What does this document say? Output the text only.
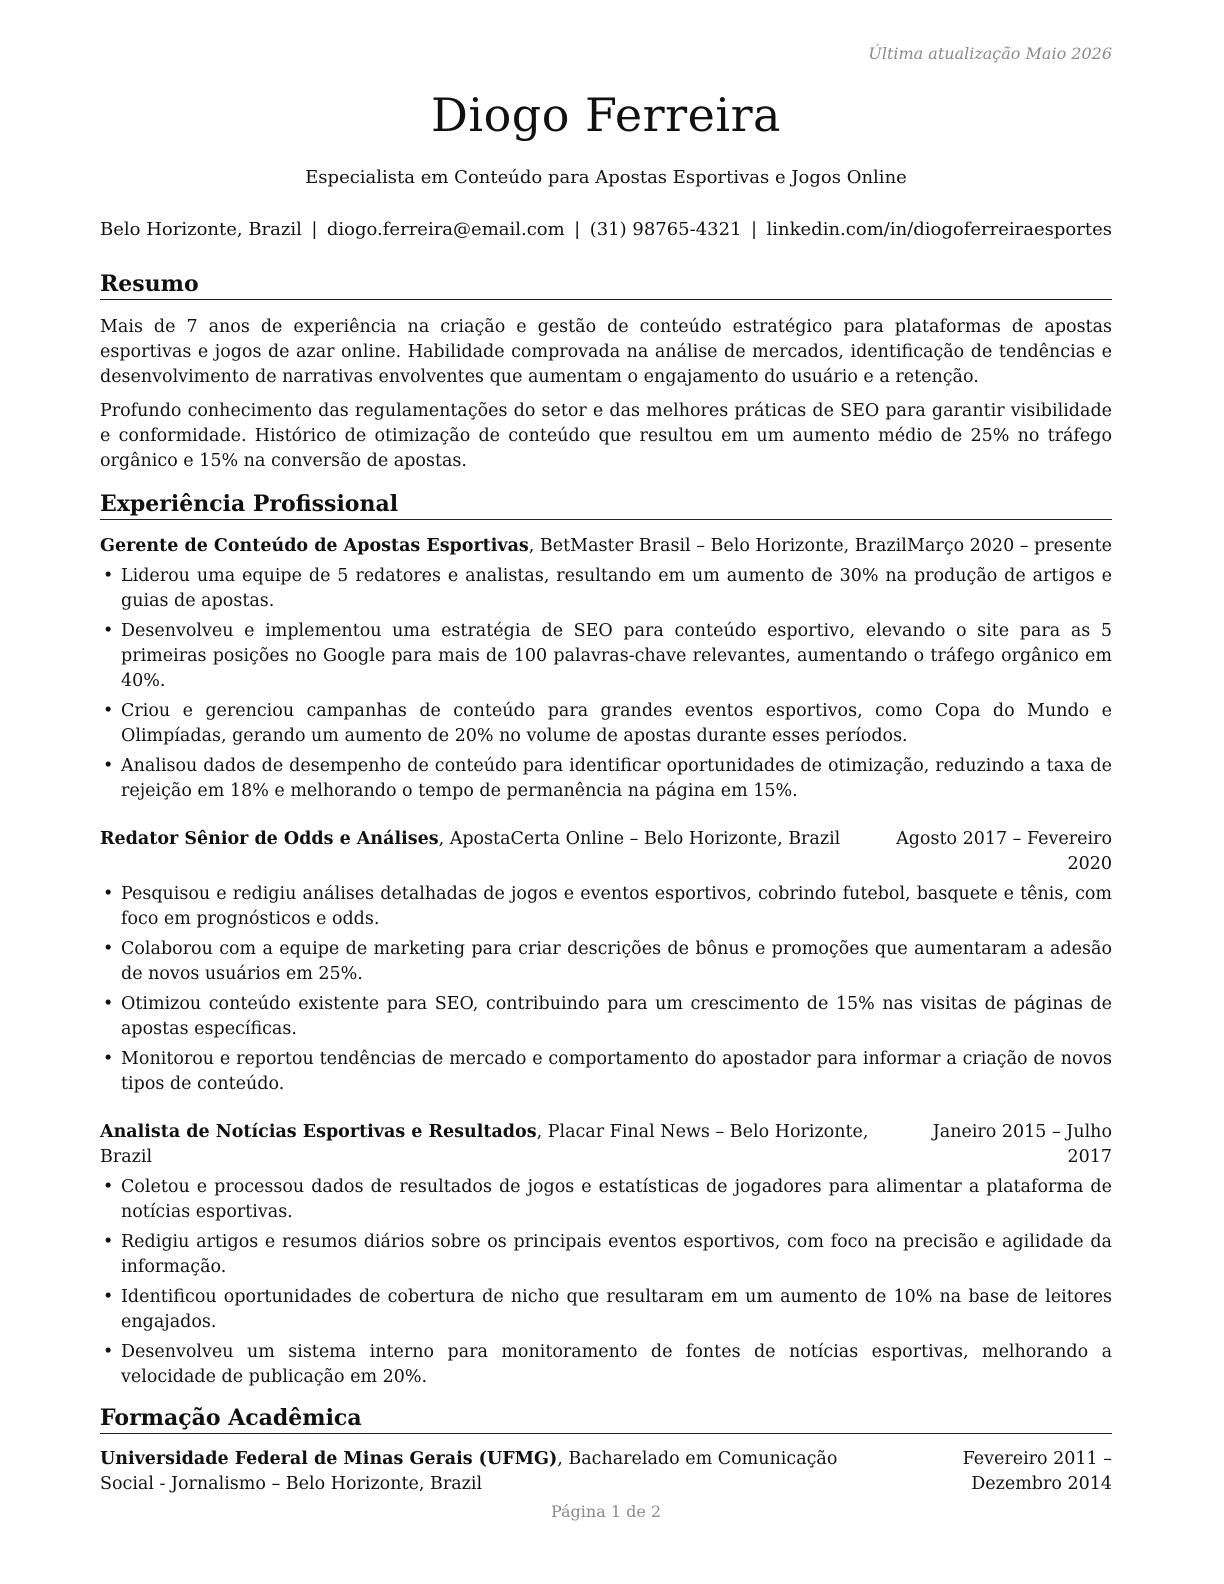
Última atualização Maio 2026
Diogo Ferreira
Especialista em Conteúdo para Apostas Esportivas e Jogos Online
Belo Horizonte, Brazil | diogo.ferreira@email.com | (31) 98765-4321 | linkedin.com/in/diogoferreiraesportes
Resumo

Mais de 7 anos de experiência na criação e gestão de conteúdo estratégico para plataformas de apostas esportivas e jogos de azar online. Habilidade comprovada na análise de mercados, identificação de tendências e desenvolvimento de narrativas envolventes que aumentam o engajamento do usuário e a retenção.

Profundo conhecimento das regulamentações do setor e das melhores práticas de SEO para garantir visibilidade e conformidade. Histórico de otimização de conteúdo que resultou em um aumento médio de 25% no tráfego orgânico e 15% na conversão de apostas.

Experiência Profissional
Gerente de Conteúdo de Apostas Esportivas, BetMaster Brasil – Belo Horizonte, Brazil Março 2020 – presente
• Liderou uma equipe de 5 redatores e analistas, resultando em um aumento de 30% na produção de artigos e guias de apostas.
• Desenvolveu e implementou uma estratégia de SEO para conteúdo esportivo, elevando o site para as 5 primeiras posições no Google para mais de 100 palavras-chave relevantes, aumentando o tráfego orgânico em 40%.
• Criou e gerenciou campanhas de conteúdo para grandes eventos esportivos, como Copa do Mundo e Olimpíadas, gerando um aumento de 20% no volume de apostas durante esses períodos.
• Analisou dados de desempenho de conteúdo para identificar oportunidades de otimização, reduzindo a taxa de rejeição em 18% e melhorando o tempo de permanência na página em 15%.
Redator Sênior de Odds e Análises, ApostaCerta Online – Belo Horizonte, Brazil	Agosto 2017 – Fevereiro 2020
• Pesquisou e redigiu análises detalhadas de jogos e eventos esportivos, cobrindo futebol, basquete e tênis, com foco em prognósticos e odds.
• Colaborou com a equipe de marketing para criar descrições de bônus e promoções que aumentaram a adesão de novos usuários em 25%.
• Otimizou conteúdo existente para SEO, contribuindo para um crescimento de 15% nas visitas de páginas de apostas específicas.
• Monitorou e reportou tendências de mercado e comportamento do apostador para informar a criação de novos tipos de conteúdo.
Analista de Notícias Esportivas e Resultados, Placar Final News – Belo Horizonte, Brazil
Janeiro 2015 – Julho 2017
• Coletou e processou dados de resultados de jogos e estatísticas de jogadores para alimentar a plataforma de notícias esportivas.
• Redigiu artigos e resumos diários sobre os principais eventos esportivos, com foco na precisão e agilidade da informação.
• Identificou oportunidades de cobertura de nicho que resultaram em um aumento de 10% na base de leitores engajados.
• Desenvolveu um sistema interno para monitoramento de fontes de notícias esportivas, melhorando a velocidade de publicação em 20%.
Formação Acadêmica
Universidade Federal de Minas Gerais (UFMG), Bacharelado em Comunicação Social - Jornalismo – Belo Horizonte, Brazil
Fevereiro 2011 – Dezembro 2014
Página 1 de 2
